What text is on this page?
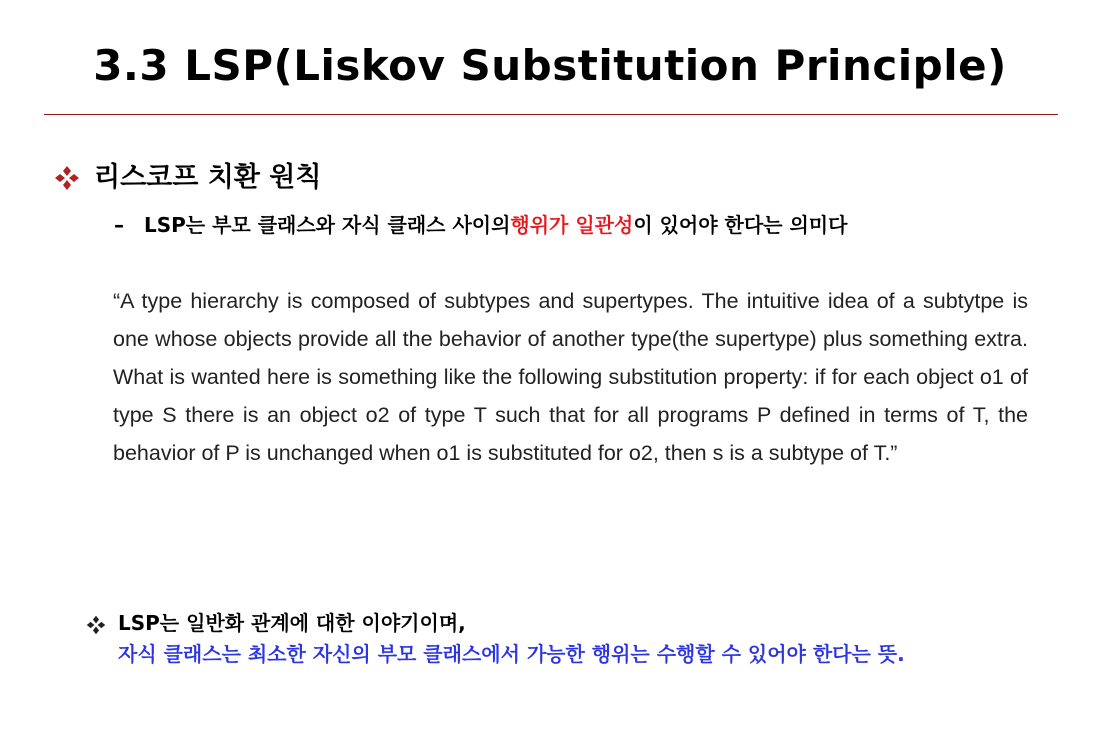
3.3 LSP(Liskov Substitution Principle)
리스코프 치환 원칙
–	LSP는 부모 클래스와 자식 클래스 사이의 행위가 일관성 이 있어야 한다는 의미다
“A type hierarchy is composed of subtypes and supertypes. The intuitive idea of a subtytpe is one whose objects provide all the behavior of another type(the supertype) plus something extra. What is wanted here is something like the following substitution property: if for each object o1 of type S there is an object o2 of type T such that for all programs P defined in terms of T, the behavior of P is unchanged when o1 is substituted for o2, then s is a subtype of T.”
LSP는 일반화 관계에 대한 이야기이며,
자식 클래스는 최소한 자신의 부모 클래스에서 가능한 행위는 수행할 수 있어야 한다는 뜻.
